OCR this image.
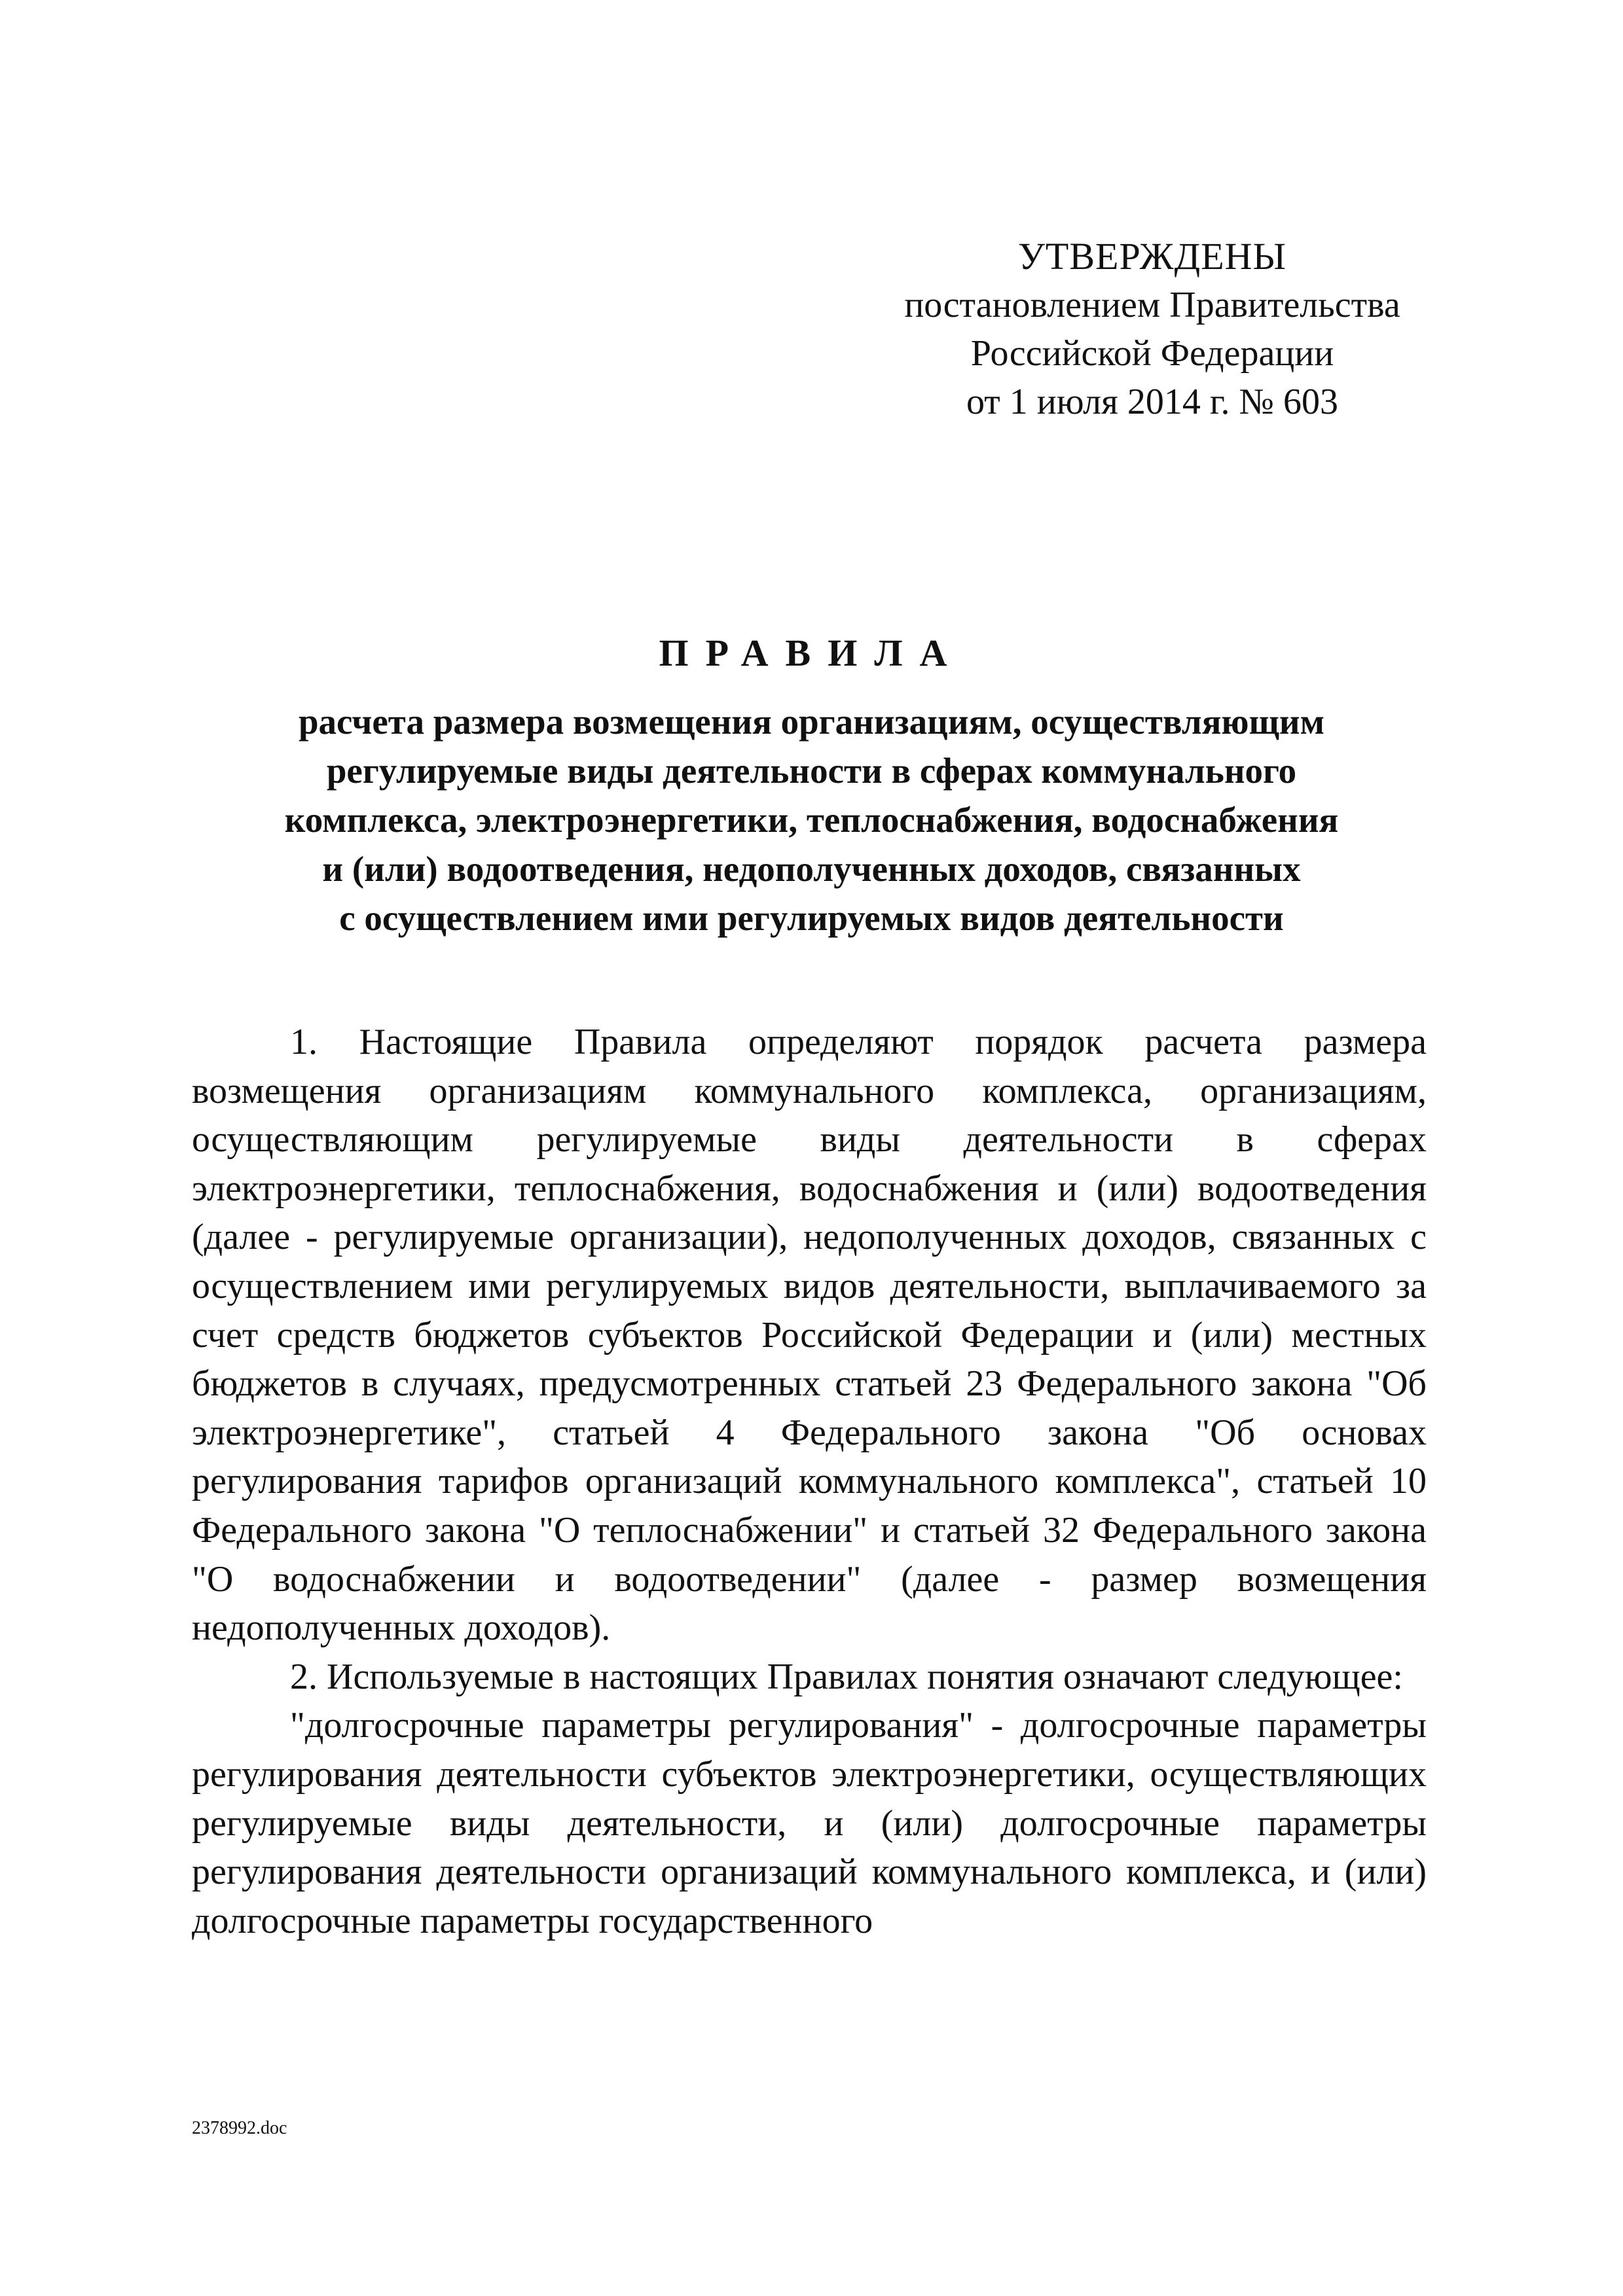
УТВЕРЖДЕНЫ
постановлением Правительства
Российской Федерации
от 1 июля 2014 г. № 603
ПРАВИЛА
расчета размера возмещения организациям, осуществляющим
регулируемые виды деятельности в сферах коммунального
комплекса, электроэнергетики, теплоснабжения, водоснабжения
и (или) водоотведения, недополученных доходов, связанных
с осуществлением ими регулируемых видов деятельности

1. Настоящие Правила определяют порядок расчета размера возмещения организациям коммунального комплекса, организациям, осуществляющим регулируемые виды деятельности в сферах электроэнергетики, теплоснабжения, водоснабжения и (или) водоотведения (далее - регулируемые организации), недополученных доходов, связанных с осуществлением ими регулируемых видов деятельности, выплачиваемого за счет средств бюджетов субъектов Российской Федерации и (или) местных бюджетов в случаях, предусмотренных статьей 23 Федерального закона "Об электроэнергетике", статьей 4 Федерального закона "Об основах регулирования тарифов организаций коммунального комплекса", статьей 10 Федерального закона "О теплоснабжении" и статьей 32 Федерального закона "О водоснабжении и водоотведении" (далее - размер возмещения недополученных доходов).

2. Используемые в настоящих Правилах понятия означают следующее:

"долгосрочные параметры регулирования" - долгосрочные параметры регулирования деятельности субъектов электроэнергетики, осуществляющих регулируемые виды деятельности, и (или) долгосрочные параметры регулирования деятельности организаций коммунального комплекса, и (или) долгосрочные параметры государственного

2378992.doc
